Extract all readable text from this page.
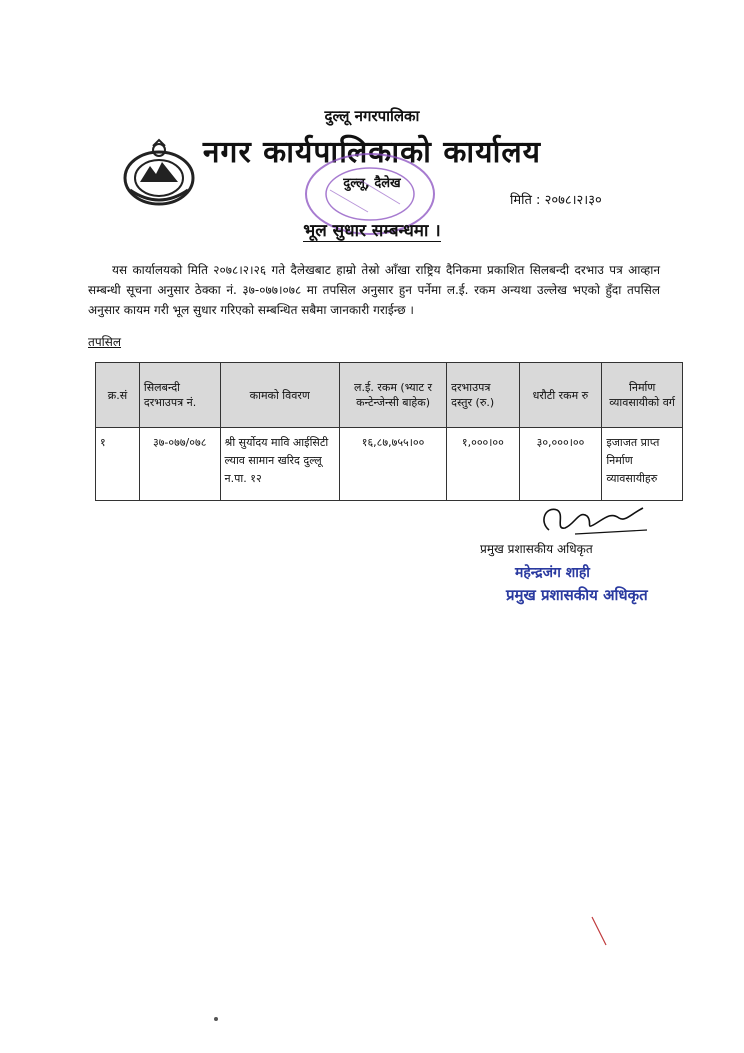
दुल्लू नगरपालिका
नगर कार्यपालिकाको कार्यालय
दुल्लू, दैलेख
मिति : २०७८।२।३०
भूल सुधार सम्बन्धमा ।
यस कार्यालयको मिति २०७८।२।२६ गते दैलेखबाट हाम्रो तेस्रो आँखा राष्ट्रिय दैनिकमा प्रकाशित सिलबन्दी दरभाउ पत्र आव्हान सम्बन्धी सूचना अनुसार ठेक्का नं. ३७-०७७।०७८ मा तपसिल अनुसार हुन पर्नेमा ल.ई. रकम अन्यथा उल्लेख भएको हुँदा तपसिल अनुसार कायम गरी भूल सुधार गरिएको सम्बन्धित सबैमा जानकारी गराईन्छ ।
तपसिल
क्र.सं	सिलबन्दी दरभाउपत्र नं.	कामको विवरण	ल.ई. रकम (भ्याट र कन्टेन्जेन्सी बाहेक)	दरभाउपत्र दस्तुर (रु.)	धरौटी रकम रु	निर्माण व्यावसायीको वर्ग
१	३७-०७७/०७८	श्री सुर्योदय मावि आईसिटी ल्याव सामान खरिद दुल्लू न.पा. १२	१६,८७,७५५।००	१,०००।००	३०,०००।००	इजाजत प्राप्त निर्माण व्यावसायीहरु
प्रमुख प्रशासकीय अधिकृत
महेन्द्रजंग शाही
प्रमुख प्रशासकीय अधिकृत
